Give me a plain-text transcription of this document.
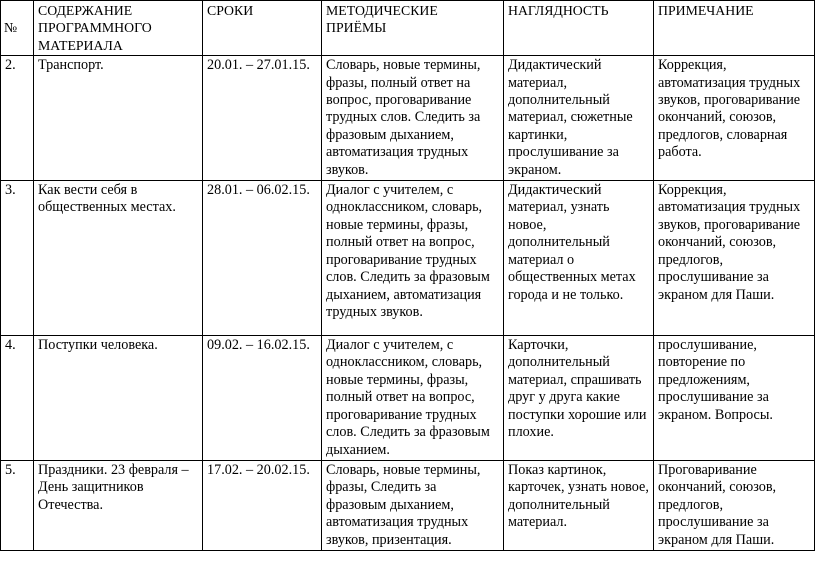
№	СОДЕРЖАНИЕ ПРОГРАММНОГО МАТЕРИАЛА	СРОКИ	МЕТОДИЧЕСКИЕ ПРИЁМЫ	НАГЛЯДНОСТЬ	ПРИМЕЧАНИЕ
2.	Транспорт.	20.01. – 27.01.15.	Словарь, новые термины, фразы, полный ответ на вопрос, проговаривание трудных слов. Следить за фразовым дыханием, автоматизация трудных звуков.	Дидактический материал, дополнительный материал, сюжетные картинки, прослушивание за экраном.	Коррекция, автоматизация трудных звуков, проговаривание окончаний, союзов, предлогов, словарная работа.
3.	Как вести себя в общественных местах.	28.01. – 06.02.15.	Диалог с учителем, с одноклассником, словарь, новые термины, фразы, полный ответ на вопрос, проговаривание трудных слов. Следить за фразовым дыханием, автоматизация трудных звуков.	Дидактический материал, узнать новое, дополнительный материал о общественных метах города и не только.	Коррекция, автоматизация трудных звуков, проговаривание окончаний, союзов, предлогов, прослушивание за экраном для Паши.
4.	Поступки человека.	09.02. – 16.02.15.	Диалог с учителем, с одноклассником, словарь, новые термины, фразы, полный ответ на вопрос, проговаривание трудных слов. Следить за фразовым дыханием.	Карточки, дополнительный материал, спрашивать друг у друга какие поступки хорошие или плохие.	прослушивание, повторение по предложениям, прослушивание за экраном. Вопросы.
5.	Праздники. 23 февраля – День защитников Отечества.	17.02. – 20.02.15.	Словарь, новые термины, фразы, Следить за фразовым дыханием, автоматизация трудных звуков, призентация.	Показ картинок, карточек, узнать новое, дополнительный материал.	Проговаривание окончаний, союзов, предлогов, прослушивание за экраном для Паши.
